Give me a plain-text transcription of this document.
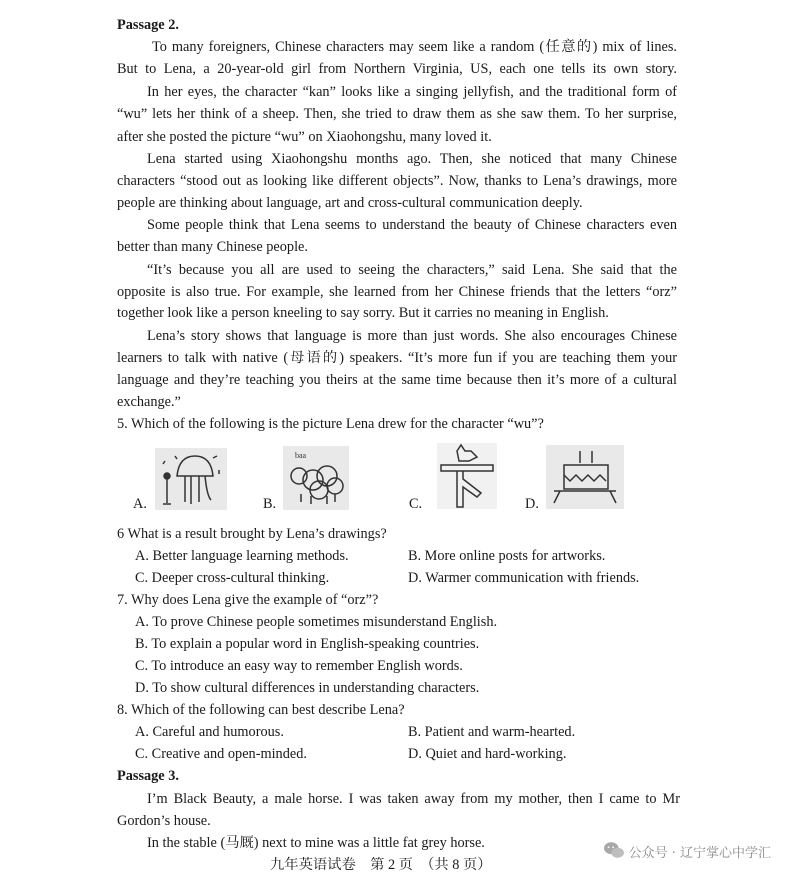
Passage 2.
To many foreigners, Chinese characters may seem like a random (任意的) mix of lines.
But to Lena, a 20-year-old girl from Northern Virginia, US, each one tells its own story.
In her eyes, the character “kan” looks like a singing jellyfish, and the traditional form of
“wu” lets her think of a sheep. Then, she tried to draw them as she saw them. To her surprise,
after she posted the picture “wu” on Xiaohongshu, many loved it.
Lena started using Xiaohongshu months ago. Then, she noticed that many Chinese
characters “stood out as looking like different objects”. Now, thanks to Lena’s drawings, more
people are thinking about language, art and cross-cultural communication deeply.
Some people think that Lena seems to understand the beauty of Chinese characters even
better than many Chinese people.
“It’s because you all are used to seeing the characters,” said Lena. She said that the
opposite is also true. For example, she learned from her Chinese friends that the letters “orz”
together look like a person kneeling to say sorry. But it carries no meaning in English.
Lena’s story shows that language is more than just words. She also encourages Chinese
learners to talk with native (母语的) speakers. “It’s more fun if you are teaching them your
language and they’re teaching you theirs at the same time because then it’s more of a cultural
exchange.”
5. Which of the following is the picture Lena drew for the character “wu”?
A.	B.
baa
C.	D.
6 What is a result brought by Lena’s drawings?
A. Better language learning methods.	B. More online posts for artworks.
C. Deeper cross-cultural thinking.	D. Warmer communication with friends.
7. Why does Lena give the example of “orz”?
A. To prove Chinese people sometimes misunderstand English.
B. To explain a popular word in English-speaking countries.
C. To introduce an easy way to remember English words.
D. To show cultural differences in understanding characters.
8. Which of the following can best describe Lena?
A. Careful and humorous.	B. Patient and warm-hearted.
C. Creative and open-minded.	D. Quiet and hard-working.
Passage 3.
I’m Black Beauty, a male horse. I was taken away from my mother, then I came to Mr
Gordon’s house.
In the stable (马厩) next to mine was a little fat grey horse.
九年英语试卷　第 2 页　（共 8 页）
公众号 · 辽宁掌心中学汇
